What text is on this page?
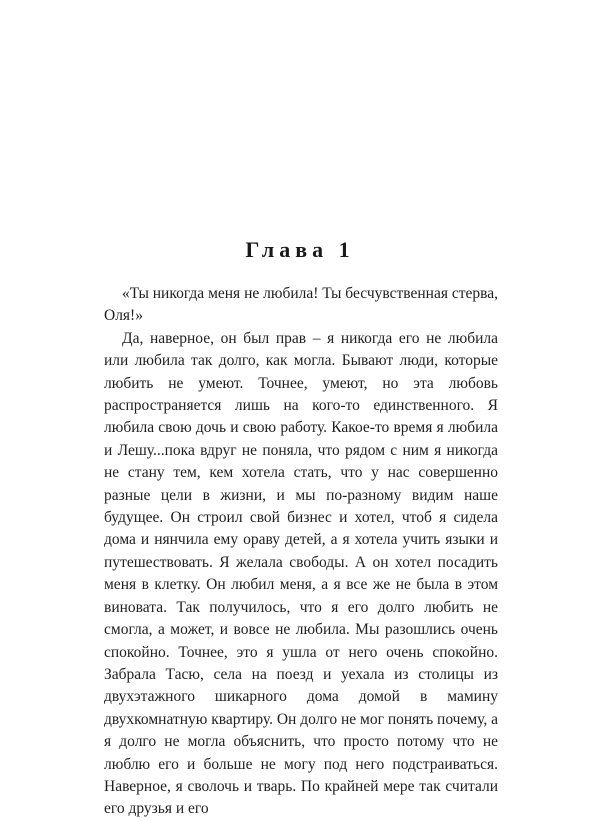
Глава 1

«Ты никогда меня не любила! Ты бесчувственная стерва, Оля!»

Да, наверное, он был прав – я никогда его не любила или любила так долго, как могла. Бывают люди, которые любить не умеют. Точнее, умеют, но эта любовь распространяется лишь на кого-то единственного. Я любила свою дочь и свою работу. Какое-то время я любила и Лешу...пока вдруг не поняла, что рядом с ним я никогда не стану тем, кем хотела стать, что у нас совершенно разные цели в жизни, и мы по-разному видим наше будущее. Он строил свой бизнес и хотел, чтоб я сидела дома и нянчила ему ораву детей, а я хотела учить языки и путешествовать. Я желала свободы. А он хотел посадить меня в клетку. Он любил меня, а я все же не была в этом виновата. Так получилось, что я его долго любить не смогла, а может, и вовсе не любила. Мы разошлись очень спокойно. Точнее, это я ушла от него очень спокойно. Забрала Тасю, села на поезд и уехала из столицы из двухэтажного шикарного дома домой в мамину двухкомнатную квартиру. Он долго не мог понять почему, а я долго не могла объяснить, что просто потому что не люблю его и больше не могу под него подстраиваться. Наверное, я сволочь и тварь. По крайней мере так считали его друзья и его
